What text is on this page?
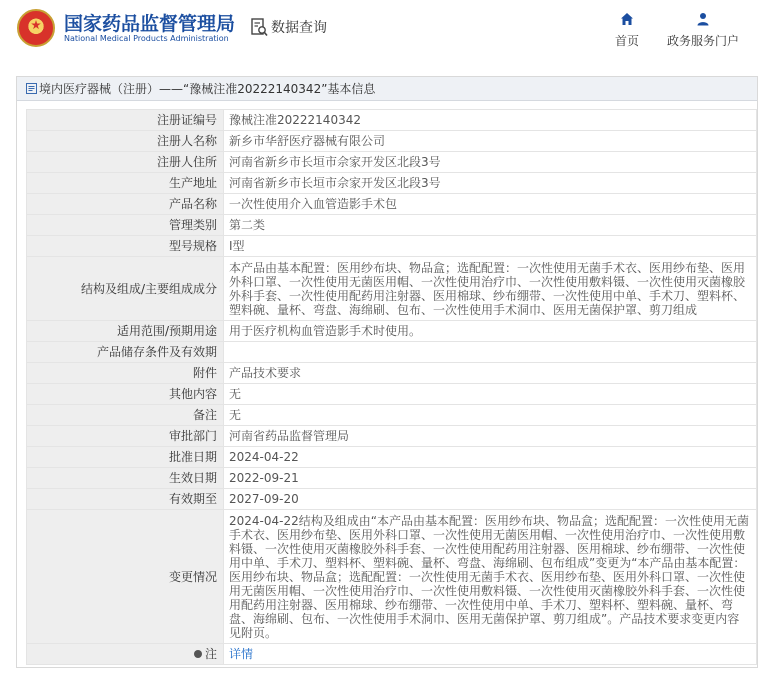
国家药品监督管理局
National Medical Products Administration
数据查询
首页	政务服务门户
境内医疗器械（注册）——“豫械注准20222140342”基本信息
注册证编号	豫械注准20222140342
注册人名称	新乡市华舒医疗器械有限公司
注册人住所	河南省新乡市长垣市佘家开发区北段3号
生产地址	河南省新乡市长垣市佘家开发区北段3号
产品名称	一次性使用介入血管造影手术包
管理类别	第二类
型号规格	I型
结构及组成/主要组成成分	本产品由基本配置：医用纱布块、物品盒；选配配置：一次性使用无菌手术衣、医用纱布垫、医用外科口罩、一次性使用无菌医用帽、一次性使用治疗巾、一次性使用敷料镊、一次性使用灭菌橡胶外科手套、一次性使用配药用注射器、医用棉球、纱布绷带、一次性使用中单、手术刀、塑料杯、塑料碗、量杯、弯盘、海绵刷、包布、一次性使用手术洞巾、医用无菌保护罩、剪刀组成
适用范围/预期用途	用于医疗机构血管造影手术时使用。
产品储存条件及有效期	
附件	产品技术要求
其他内容	无
备注	无
审批部门	河南省药品监督管理局
批准日期	2024-04-22
生效日期	2022-09-21
有效期至	2027-09-20
变更情况	2024-04-22结构及组成由“本产品由基本配置：医用纱布块、物品盒；选配配置：一次性使用无菌手术衣、医用纱布垫、医用外科口罩、一次性使用无菌医用帽、一次性使用治疗巾、一次性使用敷料镊、一次性使用灭菌橡胶外科手套、一次性使用配药用注射器、医用棉球、纱布绷带、一次性使用中单、手术刀、塑料杯、塑料碗、量杯、弯盘、海绵刷、包布组成”变更为“本产品由基本配置：医用纱布块、物品盒；选配配置：一次性使用无菌手术衣、医用纱布垫、医用外科口罩、一次性使用无菌医用帽、一次性使用治疗巾、一次性使用敷料镊、一次性使用灭菌橡胶外科手套、一次性使用配药用注射器、医用棉球、纱布绷带、一次性使用中单、手术刀、塑料杯、塑料碗、量杯、弯盘、海绵刷、包布、一次性使用手术洞巾、医用无菌保护罩、剪刀组成”。产品技术要求变更内容见附页。
注	详情
